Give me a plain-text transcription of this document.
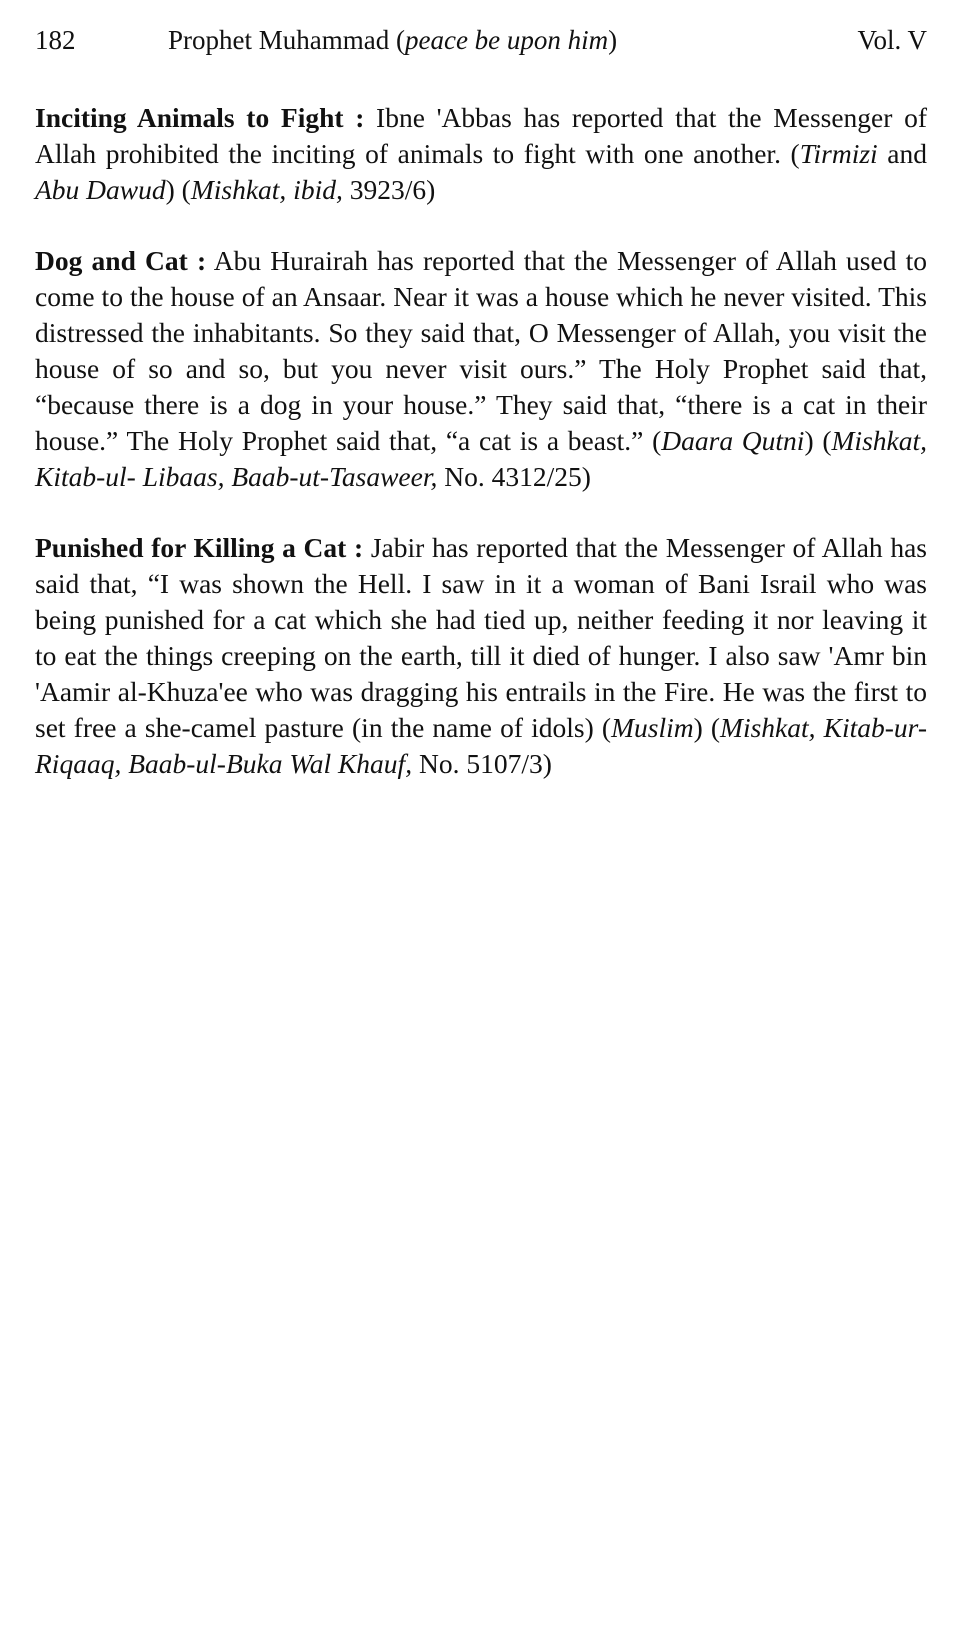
182	Prophet Muhammad (peace be upon him)	Vol. V

Inciting Animals to Fight : Ibne 'Abbas has reported that the Messenger of Allah prohibited the inciting of animals to fight with one another. (Tirmizi and Abu Dawud) (Mishkat, ibid, 3923/6)

Dog and Cat : Abu Hurairah has reported that the Messenger of Allah used to come to the house of an Ansaar. Near it was a house which he never visited. This distressed the inhabitants. So they said that, O Messenger of Allah, you visit the house of so and so, but you never visit ours.” The Holy Prophet said that, “because there is a dog in your house.” They said that, “there is a cat in their house.” The Holy Prophet said that, “a cat is a beast.” (Daara Qutni) (Mishkat, Kitab-ul- Libaas, Baab-ut-Tasaweer, No. 4312/25)

Punished for Killing a Cat : Jabir has reported that the Messenger of Allah has said that, “I was shown the Hell. I saw in it a woman of Bani Israil who was being punished for a cat which she had tied up, neither feeding it nor leaving it to eat the things creeping on the earth, till it died of hunger. I also saw 'Amr bin 'Aamir al-Khuza'ee who was dragging his entrails in the Fire. He was the first to set free a she-camel pasture (in the name of idols) (Muslim) (Mishkat, Kitab-ur-Riqaaq, Baab-ul-Buka Wal Khauf, No. 5107/3)
